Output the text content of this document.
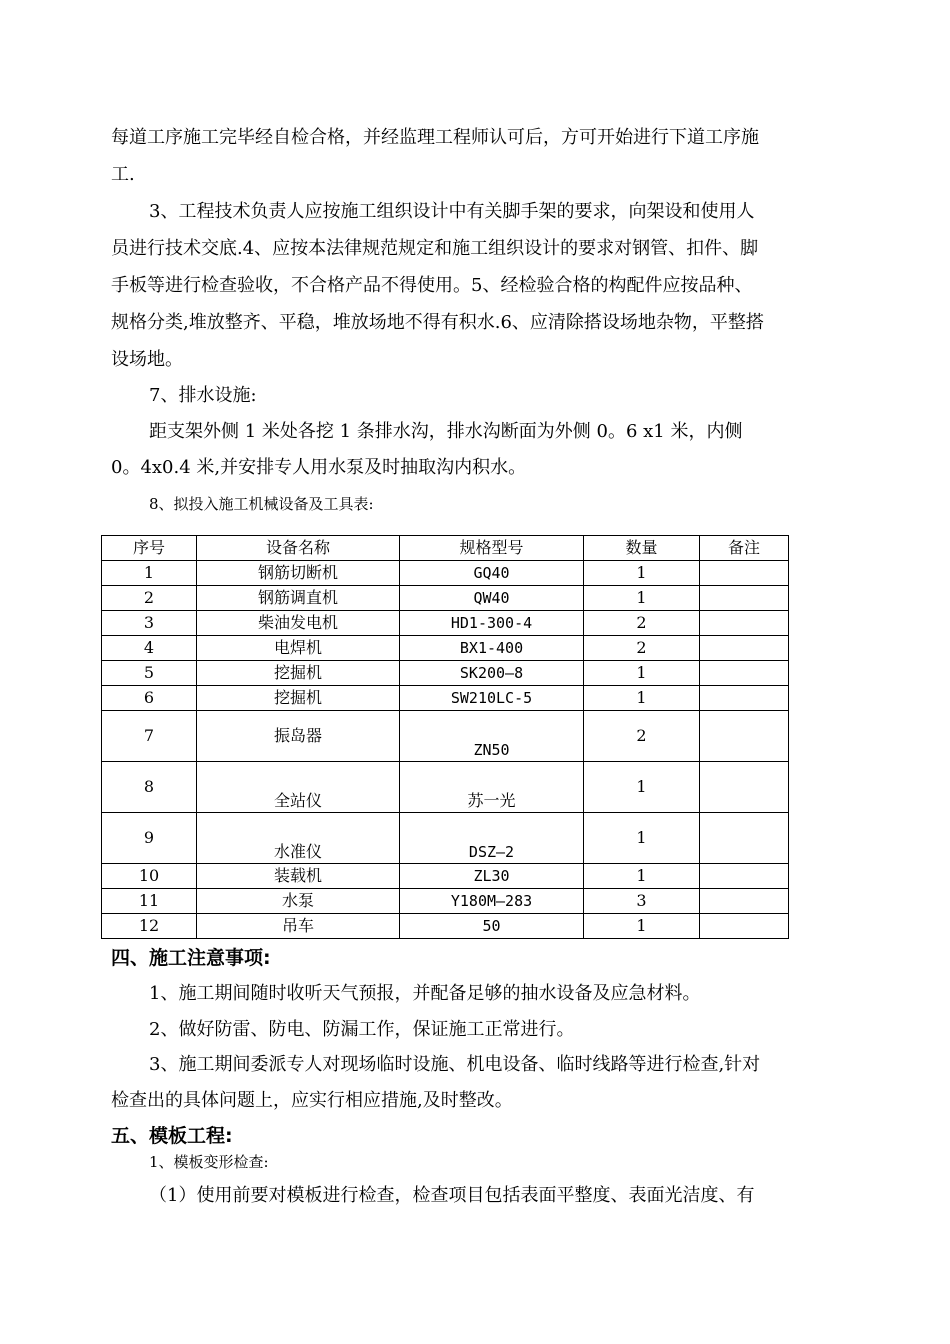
每道工序施工完毕经自检合格，并经监理工程师认可后，方可开始进行下道工序施
工.
3、工程技术负责人应按施工组织设计中有关脚手架的要求，向架设和使用人
员进行技术交底.4、应按本法律规范规定和施工组织设计的要求对钢管、扣件、脚
手板等进行检查验收，不合格产品不得使用。5、经检验合格的构配件应按品种、
规格分类,堆放整齐、平稳，堆放场地不得有积水.6、应清除搭设场地杂物，平整搭
设场地。
7、排水设施:
距支架外侧 1 米处各挖 1 条排水沟，排水沟断面为外侧 0。6 x1 米，内侧
0。4x0.4 米,并安排专人用水泵及时抽取沟内积水。
8、拟投入施工机械设备及工具表:
序号	设备名称	规格型号	数量	备注
1	钢筋切断机	GQ40	1	
2	钢筋调直机	QW40	1	
3	柴油发电机	HD1-300-4	2	
4	电焊机	BX1-400	2	
5	挖掘机	SK200—8	1	
6	挖掘机	SW210LC-5	1	
7	振岛器	ZN50	2	
8	全站仪	苏一光	1	
9	水准仪	DSZ—2	1	
10	装载机	ZL30	1	
11	水泵	Y180M—283	3	
12	吊车	50	1	
四、施工注意事项:
1、施工期间随时收听天气预报，并配备足够的抽水设备及应急材料。
2、做好防雷、防电、防漏工作，保证施工正常进行。
3、施工期间委派专人对现场临时设施、机电设备、临时线路等进行检查,针对
检查出的具体问题上，应实行相应措施,及时整改。
五、模板工程:
1、模板变形检查:
（1）使用前要对模板进行检查，检查项目包括表面平整度、表面光洁度、有
